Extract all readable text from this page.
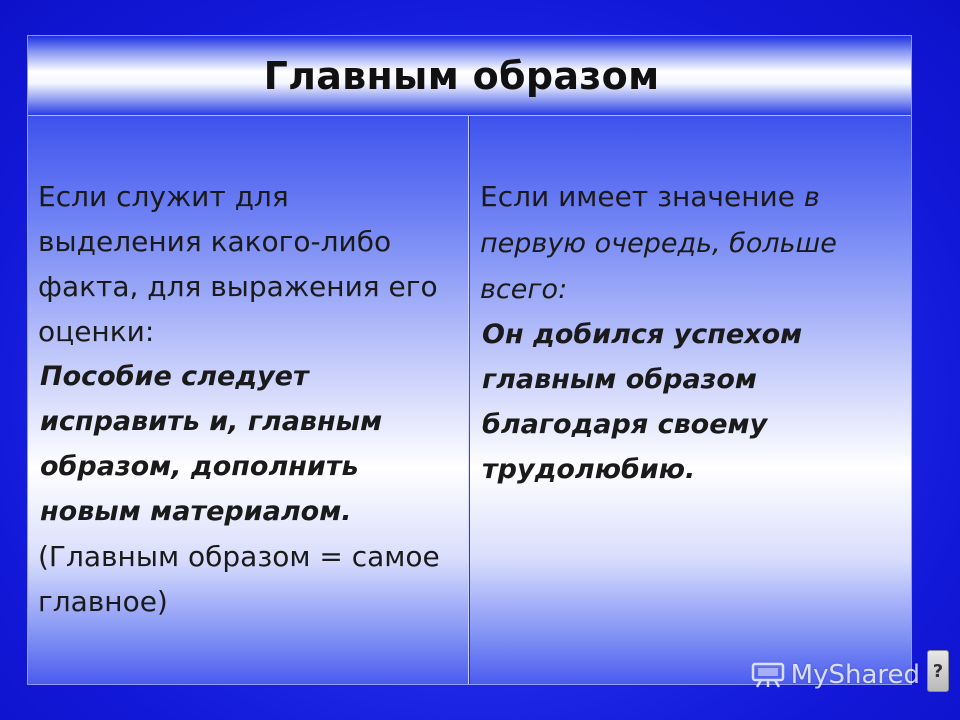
Главным образом

Если служит для выделения какого-либо факта, для выражения его оценки:
Пособие следует исправить и, главным образом, дополнить новым материалом.
(Главным образом = самое главное)

Если имеет значение в первую очередь, больше всего:
Он добился успехом главным образом благодаря своему трудолюбию.

MyShared ?
